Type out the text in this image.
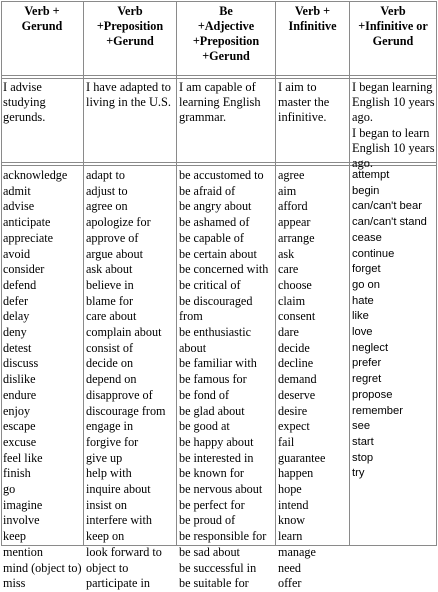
Verb +
Gerund
I advise
studying
gerunds.
acknowledge
admit
advise
anticipate
appreciate
avoid
consider
defend
defer
delay
deny
detest
discuss
dislike
endure
enjoy
escape
excuse
feel like
finish
go
imagine
involve
keep
mention
mind (object to)
miss
Verb
+Preposition
+Gerund
I have adapted to
living in the U.S.
adapt to
adjust to
agree on
apologize for
approve of
argue about
ask about
believe in
blame for
care about
complain about
consist of
decide on
depend on
disapprove of
discourage from
engage in
forgive for
give up
help with
inquire about
insist on
interfere with
keep on
look forward to
object to
participate in
Be
+Adjective
+Preposition
+Gerund
I am capable of
learning English
grammar.
be accustomed to
be afraid of
be angry about
be ashamed of
be capable of
be certain about
be concerned with
be critical of
be discouraged
from
be enthusiastic
about
be familiar with
be famous for
be fond of
be glad about
be good at
be happy about
be interested in
be known for
be nervous about
be perfect for
be proud of
be responsible for
be sad about
be successful in
be suitable for
Verb +
Infinitive
I aim to
master the
infinitive.
agree
aim
afford
appear
arrange
ask
care
choose
claim
consent
dare
decide
decline
demand
deserve
desire
expect
fail
guarantee
happen
hope
intend
know
learn
manage
need
offer
Verb
+Infinitive or
Gerund
I began learning
English 10 years
ago.
I began to learn
English 10 years
ago.
attempt
begin
can/can't bear
can/can't stand
cease
continue
forget
go on
hate
like
love
neglect
prefer
regret
propose
remember
see
start
stop
try
